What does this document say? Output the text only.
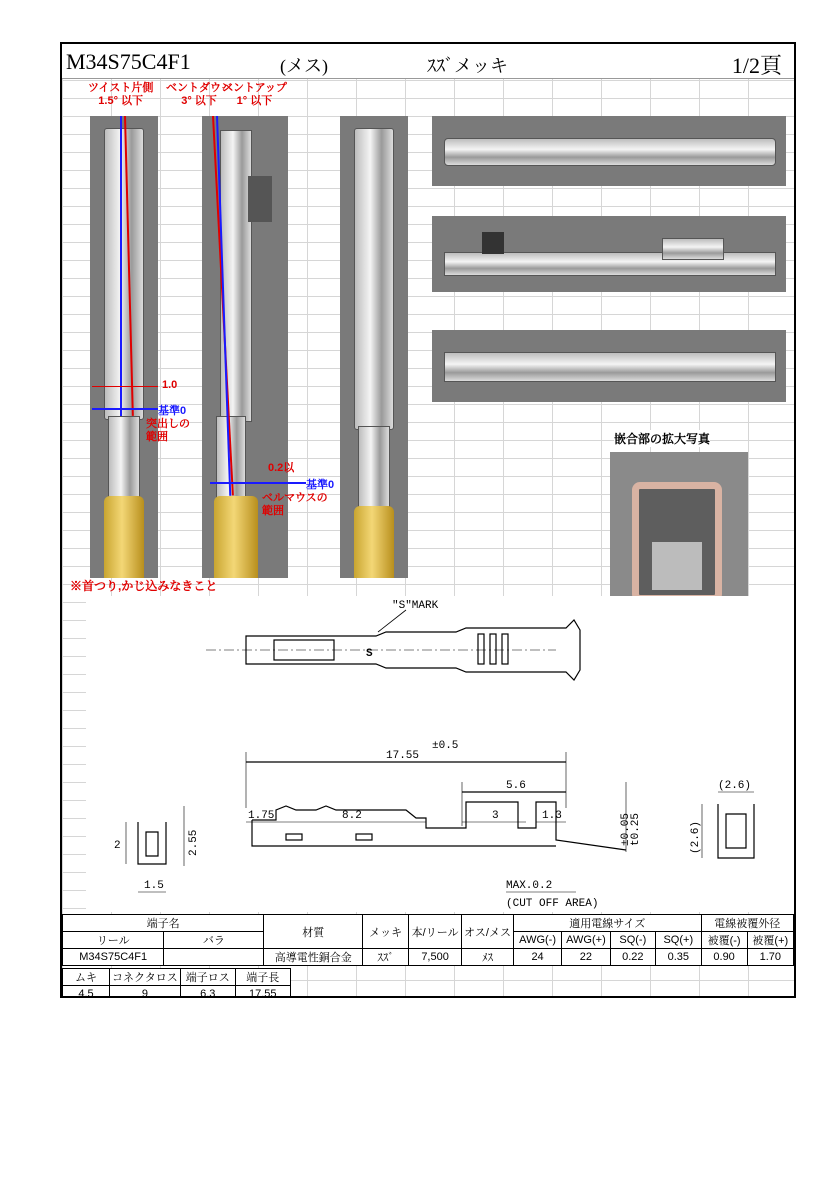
M34S75C4F1	(メス)	ｽｽﾞメッキ	1/2頁
ツイスト片側
1.5° 以下
ベントダウン
3° 以下
ベントアップ
1° 以下
1.0
基準0
突出しの
範囲
0.2以
基準0
ベルマウスの
範囲
※首つり,かじ込みなきこと
嵌合部の拡大写真
"S"MARK
S
17.55
±0.5
1.75	8.2
5.6
3	1.3	t0.25
±0.05
MAX.0.2
(CUT OFF AREA)
2	2.55
1.5
(2.6)
(2.6)
端子名		材質	メッキ	本/リール	オス/メス	適用電線サイズ				電線被覆外径	
リール	バラ					AWG(-)	AWG(+)	SQ(-)	SQ(+)	被覆(-)	被覆(+)
M34S75C4F1		高導電性銅合金	ｽｽﾞ	7,500	ﾒｽ	24	22	0.22	0.35	0.90	1.70
ムキ	コネクタロス	端子ロス	端子長
4.5	9	6.3	17.55
